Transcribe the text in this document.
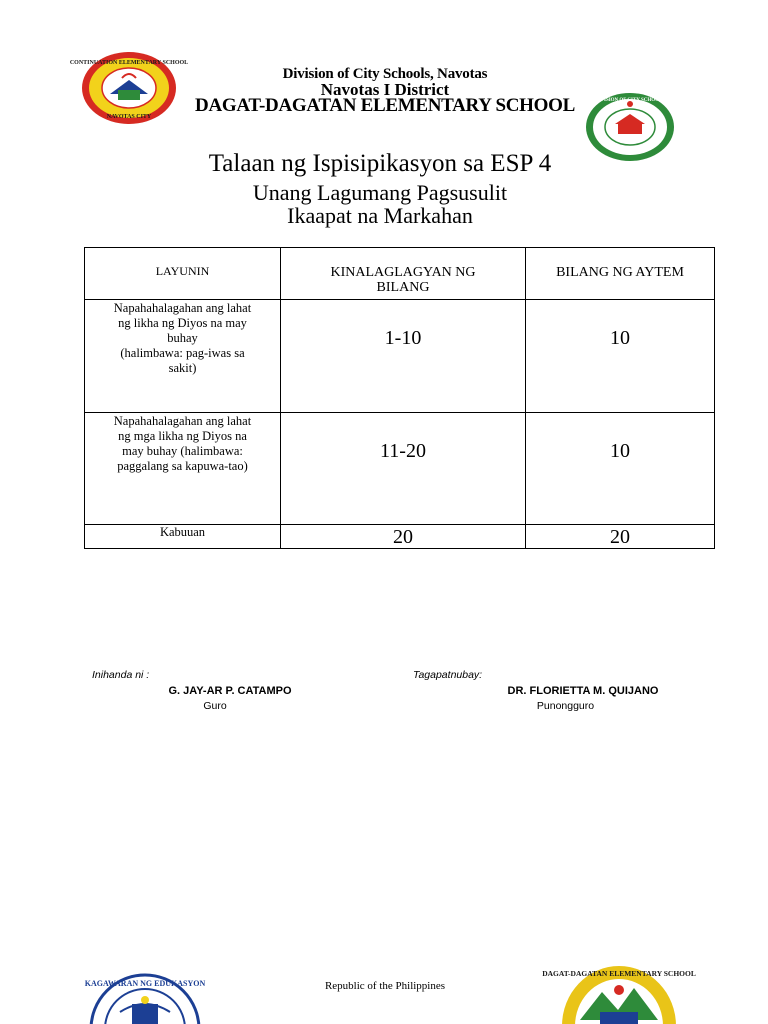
CONTINUATION ELEMENTARY SCHOOL
NAVOTAS CITY
NAVOTAS
DIVISION OF CITY SCHOOLS
Division of City Schools, Navotas
Navotas I District
DAGAT-DAGATAN ELEMENTARY SCHOOL
Talaan ng Ispisipikasyon sa ESP 4
Unang Lagumang Pagsusulit
Ikaapat na Markahan
LAYUNIN	KINALAGLAGYAN NG BILANG	BILANG NG AYTEM

Napahahalagahan ang lahat
ng likha ng Diyos na may
buhay
(halimbawa: pag-iwas sa
sakit)	1-10	10

Napahahalagahan ang lahat
ng mga likha ng Diyos na
may buhay (halimbawa:
paggalang sa kapuwa-tao)	11-20	10
Kabuuan	20	20
Inihanda ni :
G. JAY-AR P. CATAMPO
Guro
Tagapatnubay:
DR. FLORIETTA M. QUIJANO
Punongguro
Republic of the Philippines
KAGAWARAN NG EDUKASYON
DAGAT-DAGATAN ELEMENTARY SCHOOL
